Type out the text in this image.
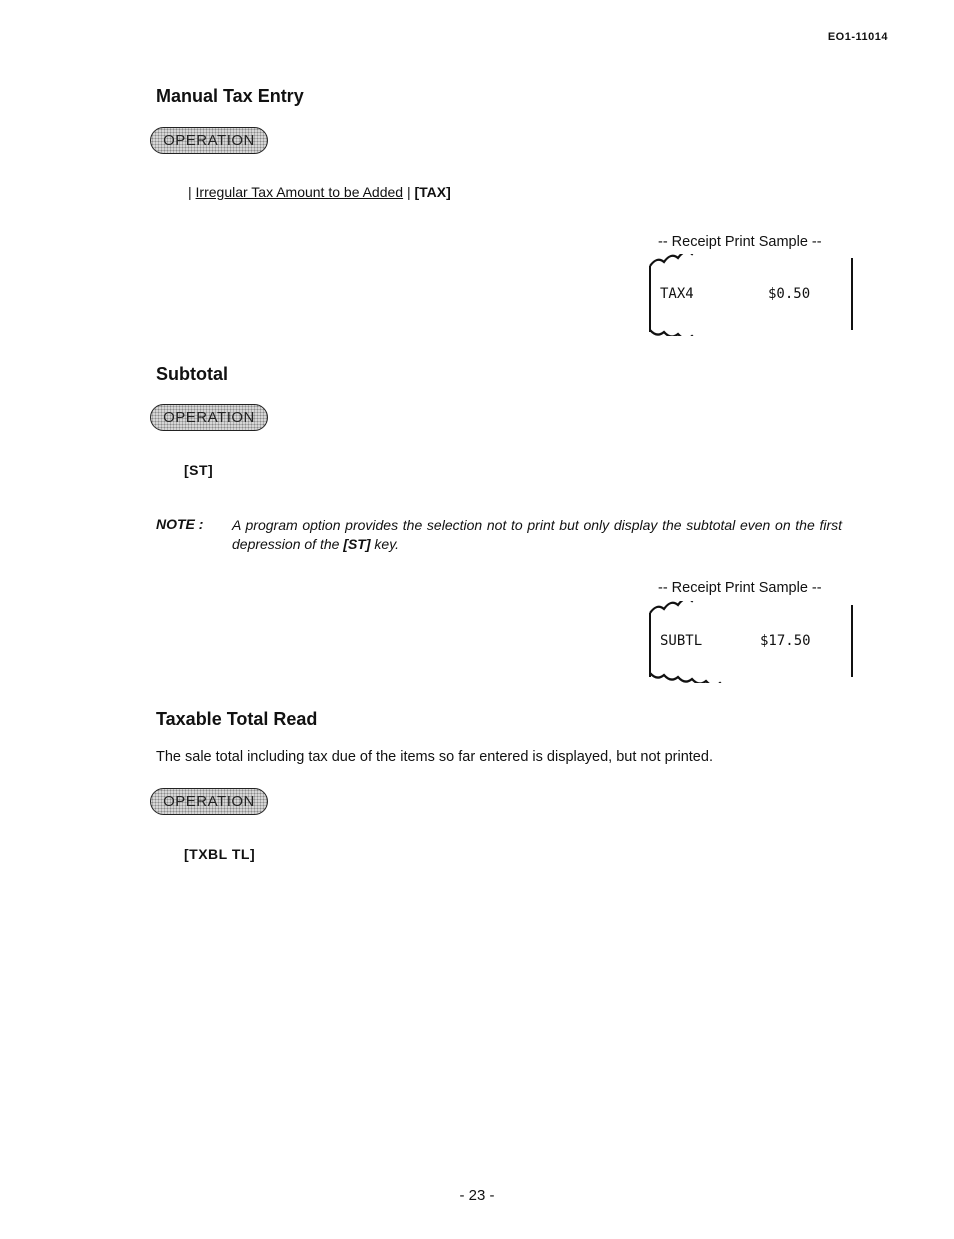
EO1-11014
Manual Tax Entry
OPERATION
| Irregular Tax Amount to be Added | [TAX]
-- Receipt Print Sample --
TAX4	$0.50
Subtotal
OPERATION
[ST]
NOTE : A program option provides the selection not to print but only display the subtotal even on the first depression of the [ST] key.
-- Receipt Print Sample --
SUBTL	$17.50
Taxable Total Read
The sale total including tax due of the items so far entered is displayed, but not printed.
OPERATION
[TXBL TL]
- 23 -
